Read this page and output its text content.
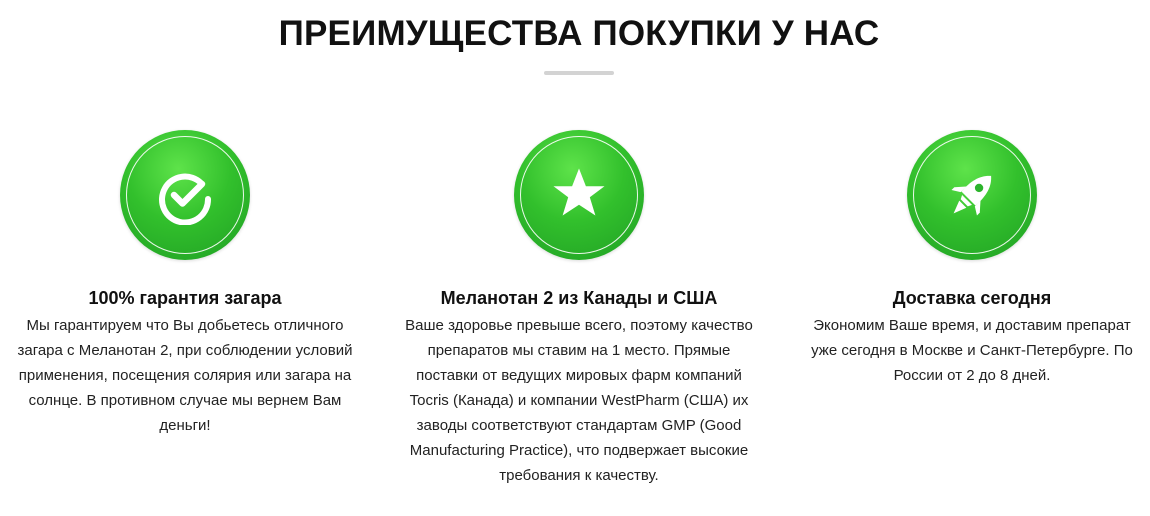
ПРЕИМУЩЕСТВА ПОКУПКИ У НАС
100% гарантия загара
Мы гарантируем что Вы добьетесь отличного загара с Меланотан 2, при соблюдении условий применения, посещения солярия или загара на солнце. В противном случае мы вернем Вам деньги!
Меланотан 2 из Канады и США
Ваше здоровье превыше всего, поэтому качество препаратов мы ставим на 1 место. Прямые поставки от ведущих мировых фарм компаний Tocris (Канада) и компании WestPharm (США) их заводы соответствуют стандартам GMP (Good Manufacturing Practice), что подвержает высокие требования к качеству.
Доставка сегодня
Экономим Ваше время, и доставим препарат уже сегодня в Москве и Санкт-Петербурге. По России от 2 до 8 дней.
